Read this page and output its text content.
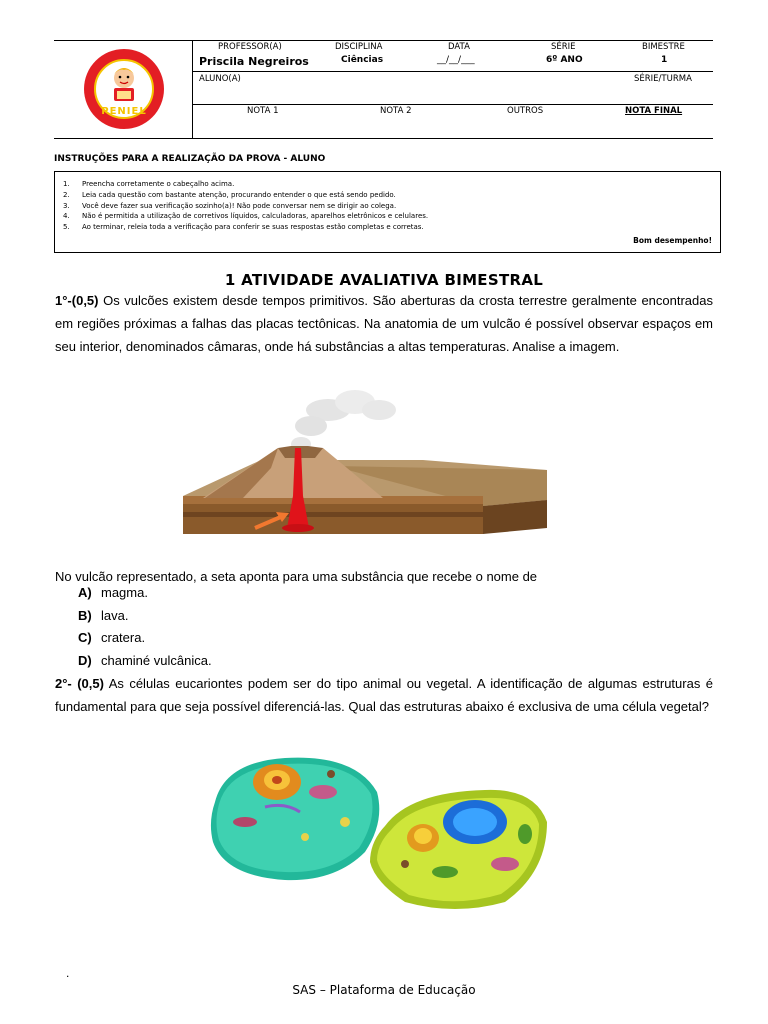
PENIEL
PROFESSOR(A)	DISCIPLINA	DATA	SÉRIE	BIMESTRE
Priscila Negreiros	Ciências	__/__/___	6º ANO	1
ALUNO(A)	SÉRIE/TURMA
NOTA 1	NOTA 2	OUTROS	NOTA FINAL
INSTRUÇÕES PARA A REALIZAÇÃO DA PROVA - ALUNO
1. Preencha corretamente o cabeçalho acima.
2. Leia cada questão com bastante atenção, procurando entender o que está sendo pedido.
3. Você deve fazer sua verificação sozinho(a)! Não pode conversar nem se dirigir ao colega.
4. Não é permitida a utilização de corretivos líquidos, calculadoras, aparelhos eletrônicos e celulares.
5. Ao terminar, releia toda a verificação para conferir se suas respostas estão completas e corretas.
Bom desempenho!
1 ATIVIDADE AVALIATIVA BIMESTRAL

1°-(0,5) Os vulcões existem desde tempos primitivos. São aberturas da crosta terrestre geralmente encontradas em regiões próximas a falhas das placas tectônicas. Na anatomia de um vulcão é possível observar espaços em seu interior, denominados câmaras, onde há substâncias a altas temperaturas. Analise a imagem.

No vulcão representado, a seta aponta para uma substância que recebe o nome de

A) magma.
B) lava.
C) cratera.
D) chaminé vulcânica.

2°- (0,5) As células eucariontes podem ser do tipo animal ou vegetal. A identificação de algumas estruturas é fundamental para que seja possível diferenciá-las. Qual das estruturas abaixo é exclusiva de uma célula vegetal?

.
SAS – Plataforma de Educação
